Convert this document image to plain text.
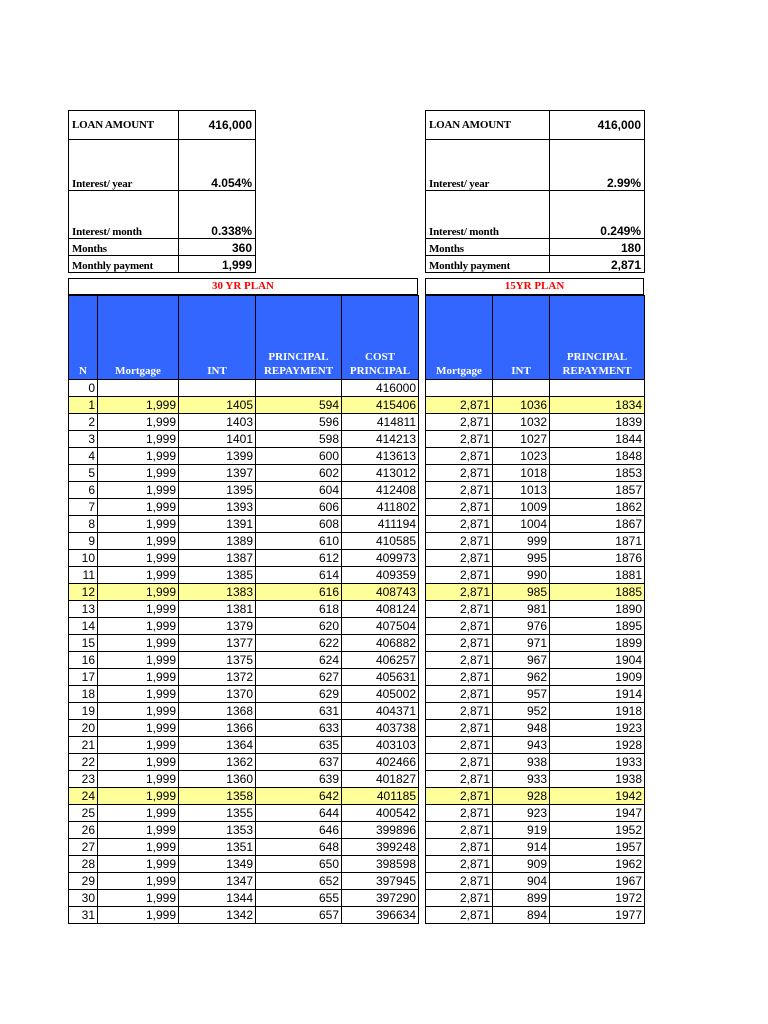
LOAN AMOUNT	416,000
Interest/ year	4.054%
Interest/ month	0.338%
Months	360
Monthly payment	1,999
LOAN AMOUNT	416,000
Interest/ year	2.99%
Interest/ month	0.249%
Months	180
Monthly payment	2,871
30 YR PLAN	15YR PLAN
N	Mortgage	INT	PRINCIPAL REPAYMENT	COST PRINCIPAL
0				416000
1	1,999	1405	594	415406
2	1,999	1403	596	414811
3	1,999	1401	598	414213
4	1,999	1399	600	413613
5	1,999	1397	602	413012
6	1,999	1395	604	412408
7	1,999	1393	606	411802
8	1,999	1391	608	411194
9	1,999	1389	610	410585
10	1,999	1387	612	409973
11	1,999	1385	614	409359
12	1,999	1383	616	408743
13	1,999	1381	618	408124
14	1,999	1379	620	407504
15	1,999	1377	622	406882
16	1,999	1375	624	406257
17	1,999	1372	627	405631
18	1,999	1370	629	405002
19	1,999	1368	631	404371
20	1,999	1366	633	403738
21	1,999	1364	635	403103
22	1,999	1362	637	402466
23	1,999	1360	639	401827
24	1,999	1358	642	401185
25	1,999	1355	644	400542
26	1,999	1353	646	399896
27	1,999	1351	648	399248
28	1,999	1349	650	398598
29	1,999	1347	652	397945
30	1,999	1344	655	397290
31	1,999	1342	657	396634
Mortgage	INT	PRINCIPAL REPAYMENT

2,871	1036	1834
2,871	1032	1839
2,871	1027	1844
2,871	1023	1848
2,871	1018	1853
2,871	1013	1857
2,871	1009	1862
2,871	1004	1867
2,871	999	1871
2,871	995	1876
2,871	990	1881
2,871	985	1885
2,871	981	1890
2,871	976	1895
2,871	971	1899
2,871	967	1904
2,871	962	1909
2,871	957	1914
2,871	952	1918
2,871	948	1923
2,871	943	1928
2,871	938	1933
2,871	933	1938
2,871	928	1942
2,871	923	1947
2,871	919	1952
2,871	914	1957
2,871	909	1962
2,871	904	1967
2,871	899	1972
2,871	894	1977
